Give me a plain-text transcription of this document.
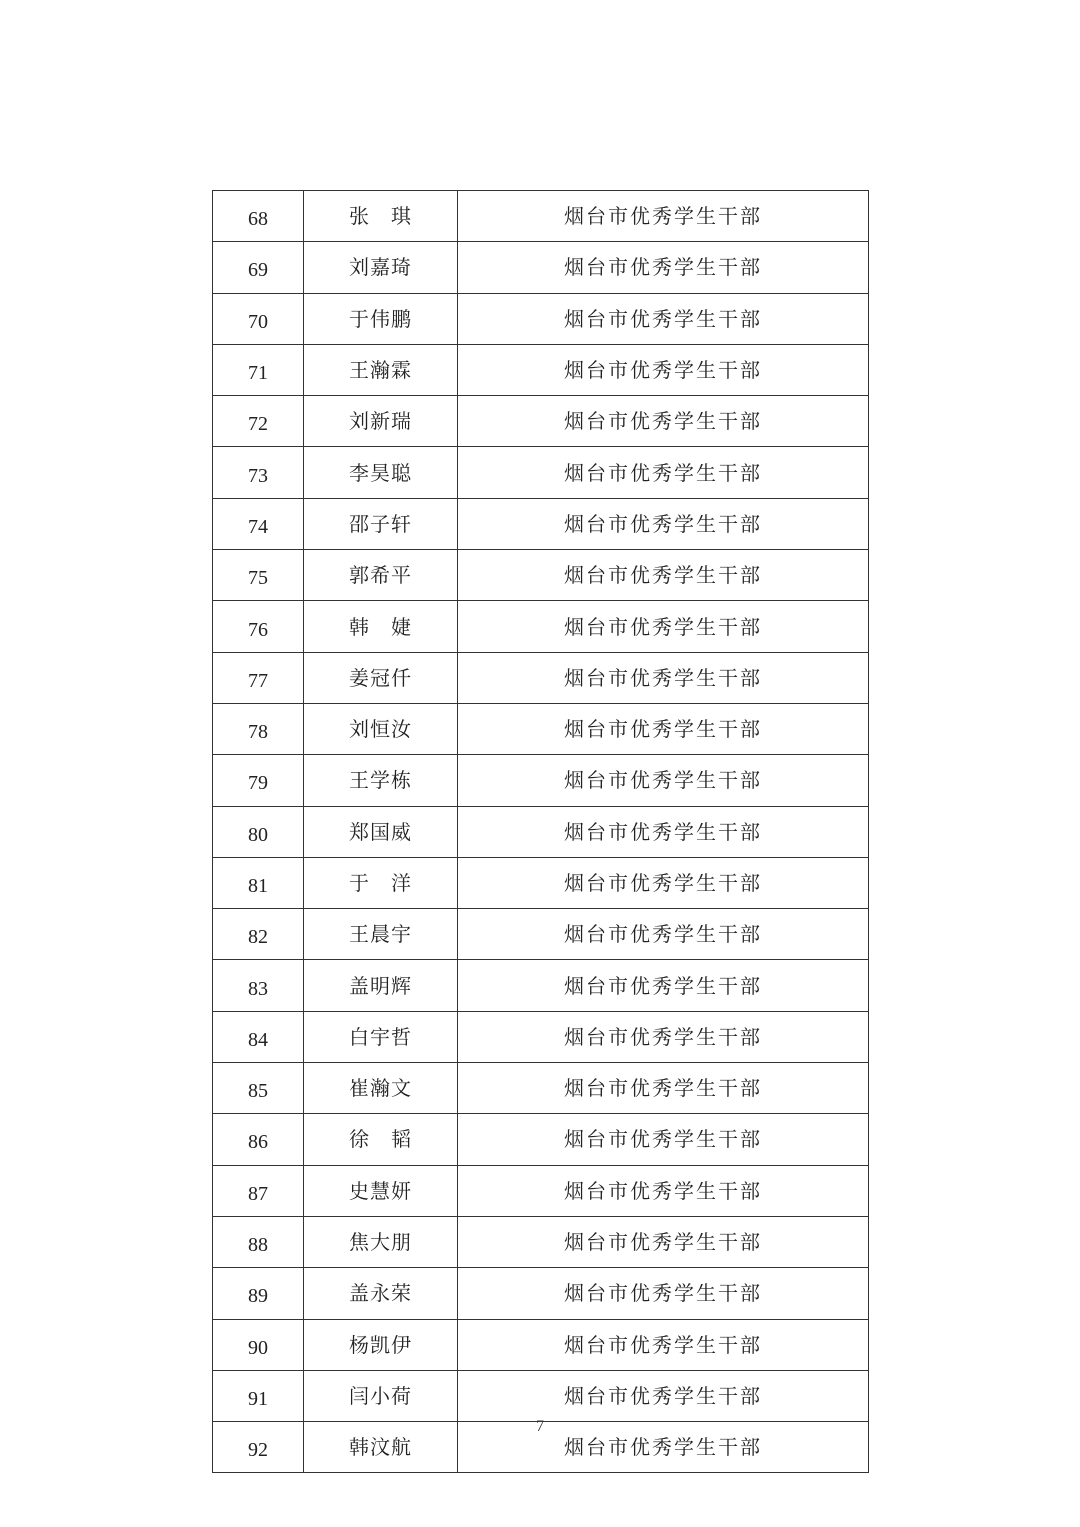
68	张　琪	烟台市优秀学生干部
69	刘嘉琦	烟台市优秀学生干部
70	于伟鹏	烟台市优秀学生干部
71	王瀚霖	烟台市优秀学生干部
72	刘新瑞	烟台市优秀学生干部
73	李昊聪	烟台市优秀学生干部
74	邵子轩	烟台市优秀学生干部
75	郭希平	烟台市优秀学生干部
76	韩　婕	烟台市优秀学生干部
77	姜冠仟	烟台市优秀学生干部
78	刘恒汝	烟台市优秀学生干部
79	王学栋	烟台市优秀学生干部
80	郑国威	烟台市优秀学生干部
81	于　洋	烟台市优秀学生干部
82	王晨宇	烟台市优秀学生干部
83	盖明辉	烟台市优秀学生干部
84	白宇哲	烟台市优秀学生干部
85	崔瀚文	烟台市优秀学生干部
86	徐　韬	烟台市优秀学生干部
87	史慧妍	烟台市优秀学生干部
88	焦大朋	烟台市优秀学生干部
89	盖永荣	烟台市优秀学生干部
90	杨凯伊	烟台市优秀学生干部
91	闫小荷	烟台市优秀学生干部
92	韩汶航	烟台市优秀学生干部
7
